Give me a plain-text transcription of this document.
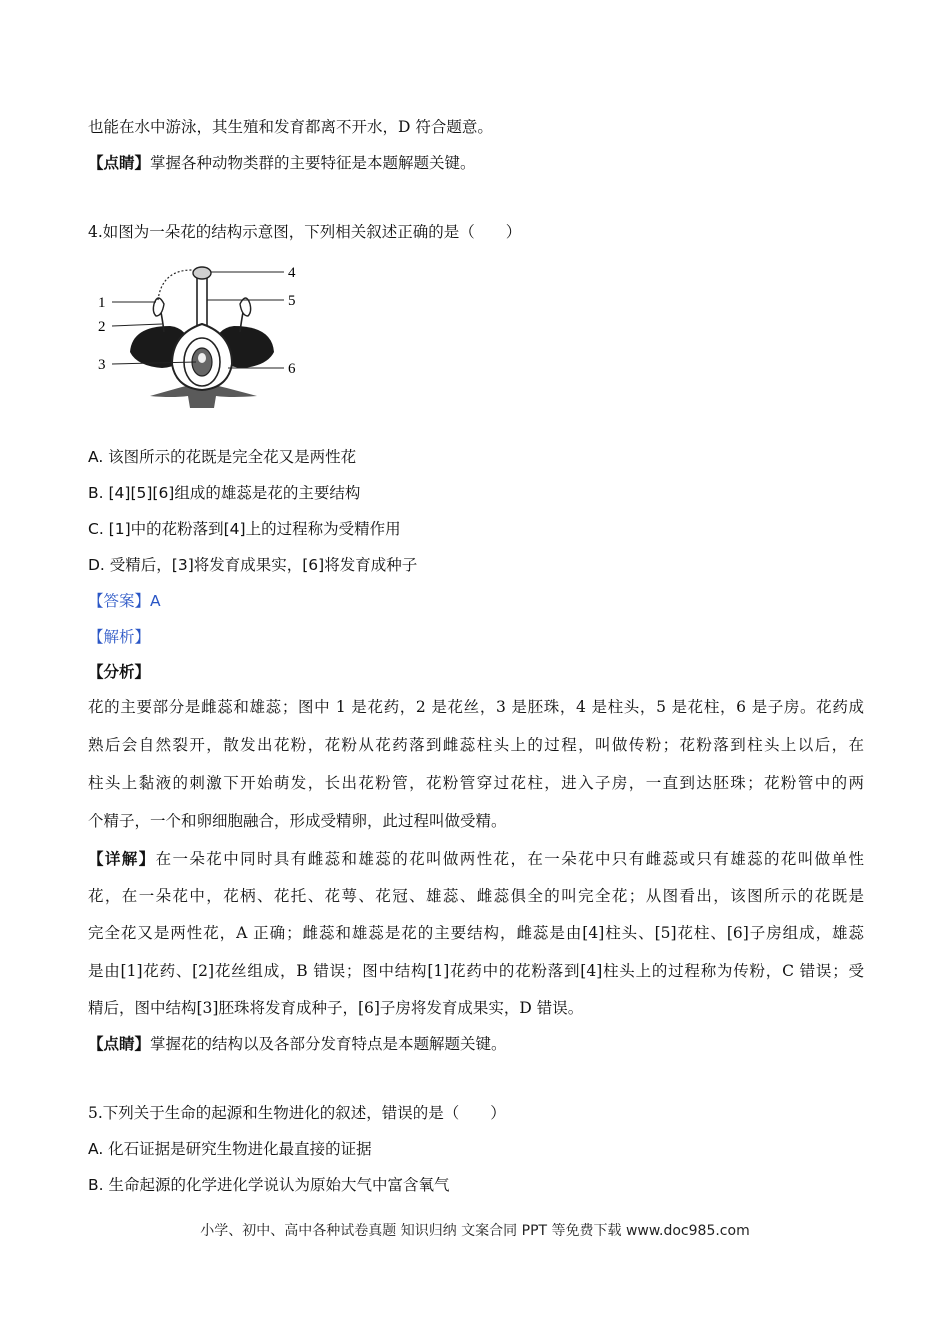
也能在水中游泳，其生殖和发育都离不开水，D 符合题意。
【点睛】掌握各种动物类群的主要特征是本题解题关键。
4.如图为一朵花的结构示意图，下列相关叙述正确的是（　　）
1
2
3
4
5
6
A. 该图所示的花既是完全花又是两性花
B. [4][5][6]组成的雄蕊是花的主要结构
C. [1]中的花粉落到[4]上的过程称为受精作用
D. 受精后，[3]将发育成果实，[6]将发育成种子
【答案】A
【解析】
【分析】
花的主要部分是雌蕊和雄蕊；图中 1 是花药，2 是花丝，3 是胚珠，4 是柱头，5 是花柱，6 是子房。花药成
熟后会自然裂开，散发出花粉，花粉从花药落到雌蕊柱头上的过程，叫做传粉；花粉落到柱头上以后，在
柱头上黏液的刺激下开始萌发，长出花粉管，花粉管穿过花柱，进入子房，一直到达胚珠；花粉管中的两
个精子，一个和卵细胞融合，形成受精卵，此过程叫做受精。
【详解】在一朵花中同时具有雌蕊和雄蕊的花叫做两性花，在一朵花中只有雌蕊或只有雄蕊的花叫做单性
花，在一朵花中，花柄、花托、花萼、花冠、雄蕊、雌蕊俱全的叫完全花；从图看出，该图所示的花既是
完全花又是两性花，A 正确；雌蕊和雄蕊是花的主要结构，雌蕊是由[4]柱头、[5]花柱、[6]子房组成，雄蕊
是由[1]花药、[2]花丝组成，B 错误；图中结构[1]花药中的花粉落到[4]柱头上的过程称为传粉，C 错误；受
精后，图中结构[3]胚珠将发育成种子，[6]子房将发育成果实，D 错误。
【点睛】掌握花的结构以及各部分发育特点是本题解题关键。
5.下列关于生命的起源和生物进化的叙述，错误的是（　　）
A. 化石证据是研究生物进化最直接的证据
B. 生命起源的化学进化学说认为原始大气中富含氧气
小学、初中、高中各种试卷真题 知识归纳 文案合同 PPT 等免费下载 www.doc985.com
